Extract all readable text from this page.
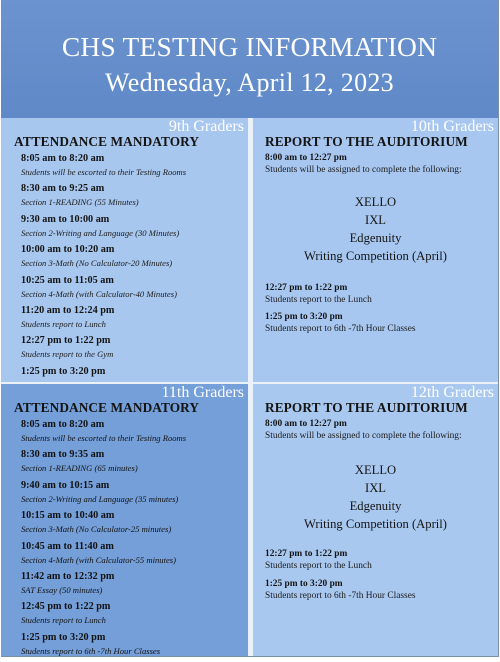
CHS TESTING INFORMATION
Wednesday, April 12, 2023
9th Graders
ATTENDANCE MANDATORY
8:05 am to 8:20 am
Students will be escorted to their Testing Rooms
8:30 am to 9:25 am
Section 1-READING (55 Minutes)
9:30 am to 10:00 am
Section 2-Writing and Language (30 Minutes)
10:00 am to 10:20 am
Section 3-Math (No Calculator-20 Minutes)
10:25 am to 11:05 am
Section 4-Math (with Calculator-40 Minutes)
11:20 am to 12:24 pm
Students report to Lunch
12:27 pm to 1:22 pm
Students report to the Gym
1:25 pm to 3:20 pm
10th Graders
REPORT TO THE AUDITORIUM
8:00 am to 12:27 pm
Students will be assigned to complete the following:
XELLO
IXL
Edgenuity
Writing Competition (April)
12:27 pm to 1:22 pm
Students report to the Lunch
1:25 pm to 3:20 pm
Students report to 6th -7th Hour Classes
11th Graders
ATTENDANCE MANDATORY
8:05 am to 8:20 am
Students will be escorted to their Testing Rooms
8:30 am to 9:35 am
Section 1-READING (65 minutes)
9:40 am to 10:15 am
Section 2-Writing and Language (35 minutes)
10:15 am to 10:40 am
Section 3-Math (No Calculator-25 minutes)
10:45 am to 11:40 am
Section 4-Math (with Calculator-55 minutes)
11:42 am to 12:32 pm
SAT Essay (50 minutes)
12:45 pm to 1:22 pm
Students report to Lunch
1:25 pm to 3:20 pm
Students report to 6th -7th Hour Classes
12th Graders
REPORT TO THE AUDITORIUM
8:00 am to 12:27 pm
Students will be assigned to complete the following:
XELLO
IXL
Edgenuity
Writing Competition (April)
12:27 pm to 1:22 pm
Students report to the Lunch
1:25 pm to 3:20 pm
Students report to 6th -7th Hour Classes
